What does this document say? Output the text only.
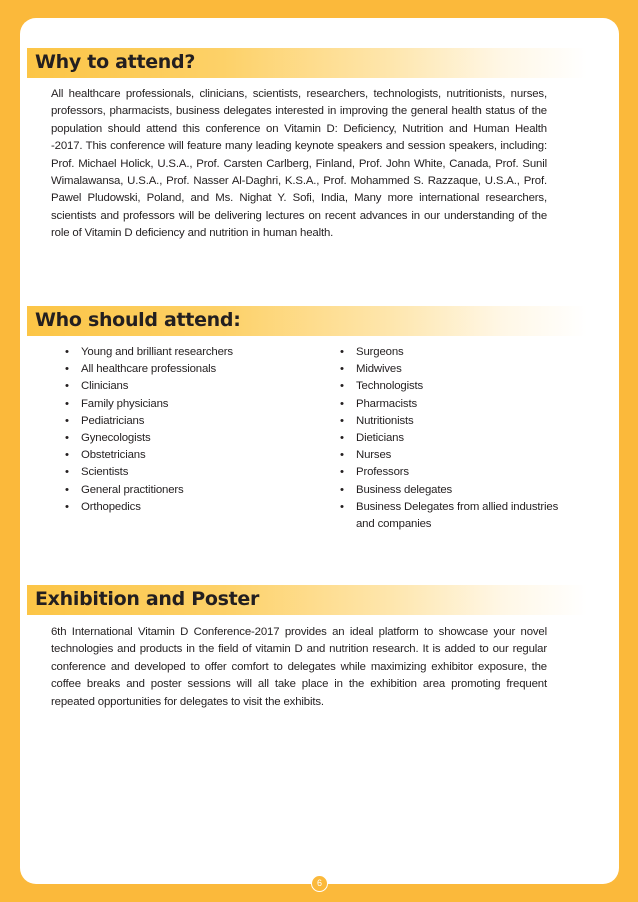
Why to attend?

All healthcare professionals, clinicians, scientists, researchers, technologists, nutritionists, nurses, professors, pharmacists, business delegates interested in improving the general health status of the population should attend this conference on Vitamin D: Deficiency, Nutrition and Human Health -2017. This conference will feature many leading keynote speakers and session speakers, including: Prof. Michael Holick, U.S.A., Prof. Carsten Carlberg, Finland, Prof. John White, Canada, Prof. Sunil Wimalawansa, U.S.A., Prof. Nasser Al-Daghri, K.S.A., Prof. Mohammed S. Razzaque, U.S.A., Prof. Pawel Pludowski, Poland, and Ms. Nighat Y. Sofi, India, Many more international researchers, scientists and professors will be delivering lectures on recent advances in our understanding of the role of Vitamin D deficiency and nutrition in human health.

Who should attend:
• Young and brilliant researchers
• All healthcare professionals
• Clinicians
• Family physicians
• Pediatricians
• Gynecologists
• Obstetricians
• Scientists
• General practitioners
• Orthopedics
• Surgeons
• Midwives
• Technologists
• Pharmacists
• Nutritionists
• Dieticians
• Nurses
• Professors
• Business delegates
• Business Delegates from allied industries and companies
Exhibition and Poster

6th International Vitamin D Conference-2017 provides an ideal platform to showcase your novel technologies and products in the field of vitamin D and nutrition research. It is added to our regular conference and developed to offer comfort to delegates while maximizing exhibitor exposure, the coffee breaks and poster sessions will all take place in the exhibition area promoting frequent repeated opportunities for delegates to visit the exhibits.

6
